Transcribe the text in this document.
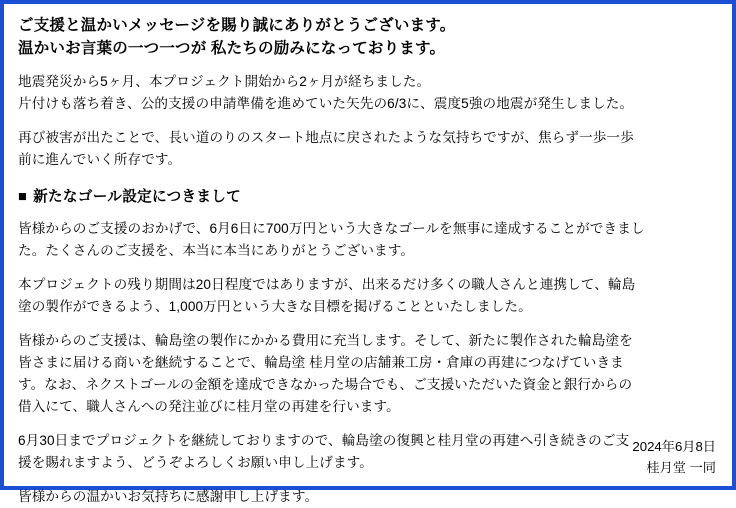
ご支援と温かいメッセージを賜り誠にありがとうございます。
温かいお言葉の一つ一つが 私たちの励みになっております。
地震発災から5ヶ月、本プロジェクト開始から2ヶ月が経ちました。
片付けも落ち着き、公的支援の申請準備を進めていた矢先の6/3に、震度5強の地震が発生しました。
再び被害が出たことで、長い道のりのスタート地点に戻されたような気持ちですが、焦らず一歩一歩
前に進んでいく所存です。
■ 新たなゴール設定につきまして
皆様からのご支援のおかげで、6月6日に700万円という大きなゴールを無事に達成することができまし
た。たくさんのご支援を、本当に本当にありがとうございます。
本プロジェクトの残り期間は20日程度ではありますが、出来るだけ多くの職人さんと連携して、輪島
塗の製作ができるよう、1,000万円という大きな目標を掲げることといたしました。
皆様からのご支援は、輪島塗の製作にかかる費用に充当します。そして、新たに製作された輪島塗を
皆さまに届ける商いを継続することで、輪島塗 桂月堂の店舗兼工房・倉庫の再建につなげていきま
す。なお、ネクストゴールの金額を達成できなかった場合でも、ご支援いただいた資金と銀行からの
借入にて、職人さんへの発注並びに桂月堂の再建を行います。
6月30日までプロジェクトを継続しておりますので、輪島塗の復興と桂月堂の再建へ引き続きのご支
援を賜れますよう、どうぞよろしくお願い申し上げます。
皆様からの温かいお気持ちに感謝申し上げます。
2024年6月8日
桂月堂 一同
